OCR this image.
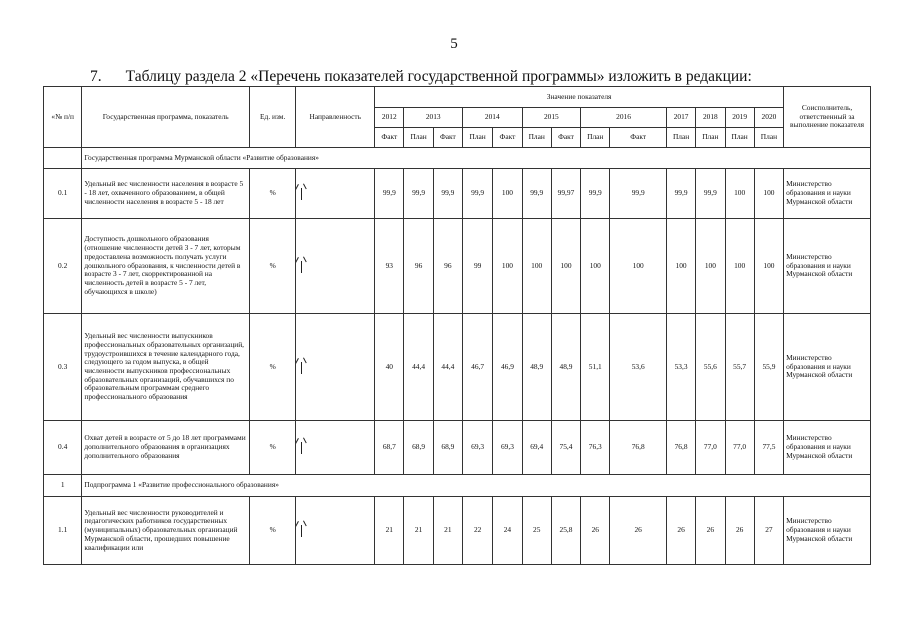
5
7. Таблицу раздела 2 «Перечень показателей государственной программы» изложить в редакции:
«№ п/п	Государственная программа, показатель	Ед. изм.	Направленность	Значение показателя													Соисполнитель, ответственный за выполнение показателя
				2012	2013		2014		2015		2016		2017	2018	2019	2020	
				Факт	План	Факт	План	Факт	План	Факт	План	Факт	План	План	План	План	
	Государственная программа Мурманской области «Развитие образования»																
0.1	Удельный вес численности населения в возрасте 5 - 18 лет, охваченного образованием, в общей численности населения в возрасте 5 - 18 лет	%		99,9	99,9	99,9	99,9	100	99,9	99,97	99,9	99,9	99,9	99,9	100	100	Министерство образования и науки Мурманской области
0.2	Доступность дошкольного образования (отношение численности детей 3 - 7 лет, которым предоставлена возможность получать услуги дошкольного образования, к численности детей в возрасте 3 - 7 лет, скорректированной на численность детей в возрасте 5 - 7 лет, обучающихся в школе)	%		93	96	96	99	100	100	100	100	100	100	100	100	100	Министерство образования и науки Мурманской области
0.3	Удельный вес численности выпускников профессиональных образовательных организаций, трудоустроившихся в течение календарного года, следующего за годом выпуска, в общей численности выпускников профессиональных образовательных организаций, обучавшихся по образовательным программам среднего профессионального образования	%		40	44,4	44,4	46,7	46,9	48,9	48,9	51,1	53,6	53,3	55,6	55,7	55,9	Министерство образования и науки Мурманской области
0.4	Охват детей в возрасте от 5 до 18 лет программами дополнительного образования в организациях дополнительного образования	%		68,7	68,9	68,9	69,3	69,3	69,4	75,4	76,3	76,8	76,8	77,0	77,0	77,5	Министерство образования и науки Мурманской области
1	Подпрограмма 1 «Развитие профессионального образования»																
1.1	Удельный вес численности руководителей и педагогических работников государственных (муниципальных) образовательных организаций Мурманской области, прошедших повышение квалификации или	%		21	21	21	22	24	25	25,8	26	26	26	26	26	27	Министерство образования и науки Мурманской области
